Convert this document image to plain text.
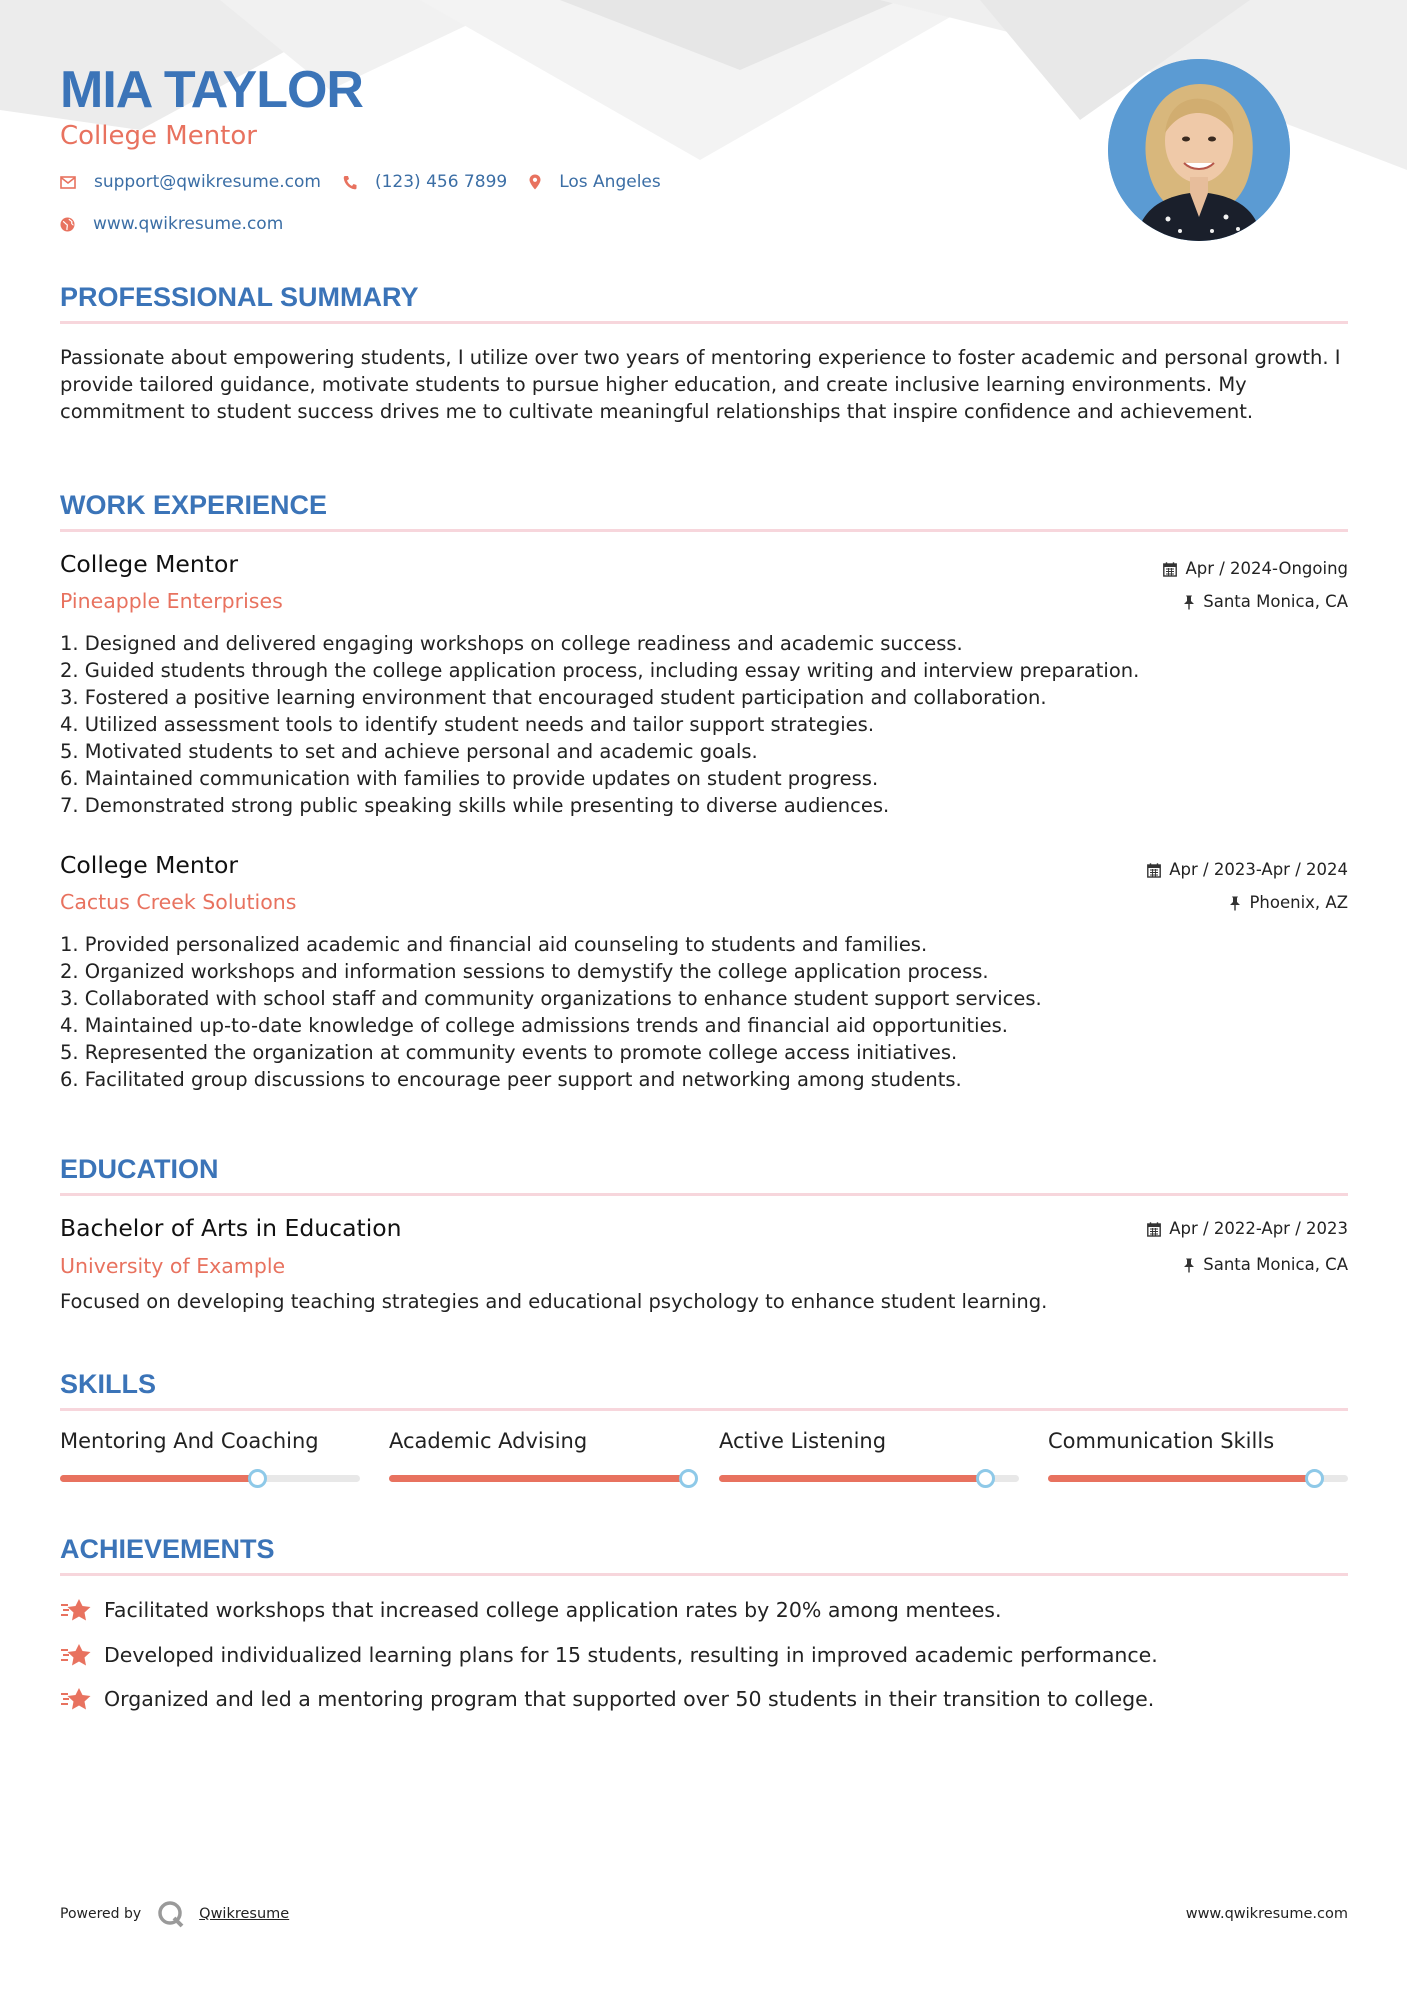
MIA TAYLOR
College Mentor
support@qwikresume.com	(123) 456 7899	Los Angeles
www.qwikresume.com
PROFESSIONAL SUMMARY

Passionate about empowering students, I utilize over two years of mentoring experience to foster academic and personal growth. I provide tailored guidance, motivate students to pursue higher education, and create inclusive learning environments. My commitment to student success drives me to cultivate meaningful relationships that inspire confidence and achievement.

WORK EXPERIENCE
College Mentor
Pineapple Enterprises
Apr / 2024-Ongoing
Santa Monica, CA
1. Designed and delivered engaging workshops on college readiness and academic success.
2. Guided students through the college application process, including essay writing and interview preparation.
3. Fostered a positive learning environment that encouraged student participation and collaboration.
4. Utilized assessment tools to identify student needs and tailor support strategies.
5. Motivated students to set and achieve personal and academic goals.
6. Maintained communication with families to provide updates on student progress.
7. Demonstrated strong public speaking skills while presenting to diverse audiences.
College Mentor
Cactus Creek Solutions
Apr / 2023-Apr / 2024
Phoenix, AZ
1. Provided personalized academic and financial aid counseling to students and families.
2. Organized workshops and information sessions to demystify the college application process.
3. Collaborated with school staff and community organizations to enhance student support services.
4. Maintained up-to-date knowledge of college admissions trends and financial aid opportunities.
5. Represented the organization at community events to promote college access initiatives.
6. Facilitated group discussions to encourage peer support and networking among students.
EDUCATION
Bachelor of Arts in Education
University of Example
Apr / 2022-Apr / 2023
Santa Monica, CA

Focused on developing teaching strategies and educational psychology to enhance student learning.

SKILLS
Mentoring And Coaching	Academic Advising	Active Listening	Communication Skills
ACHIEVEMENTS
Facilitated workshops that increased college application rates by 20% among mentees.
Developed individualized learning plans for 15 students, resulting in improved academic performance.
Organized and led a mentoring program that supported over 50 students in their transition to college.
Powered by	Qwikresume	www.qwikresume.com
